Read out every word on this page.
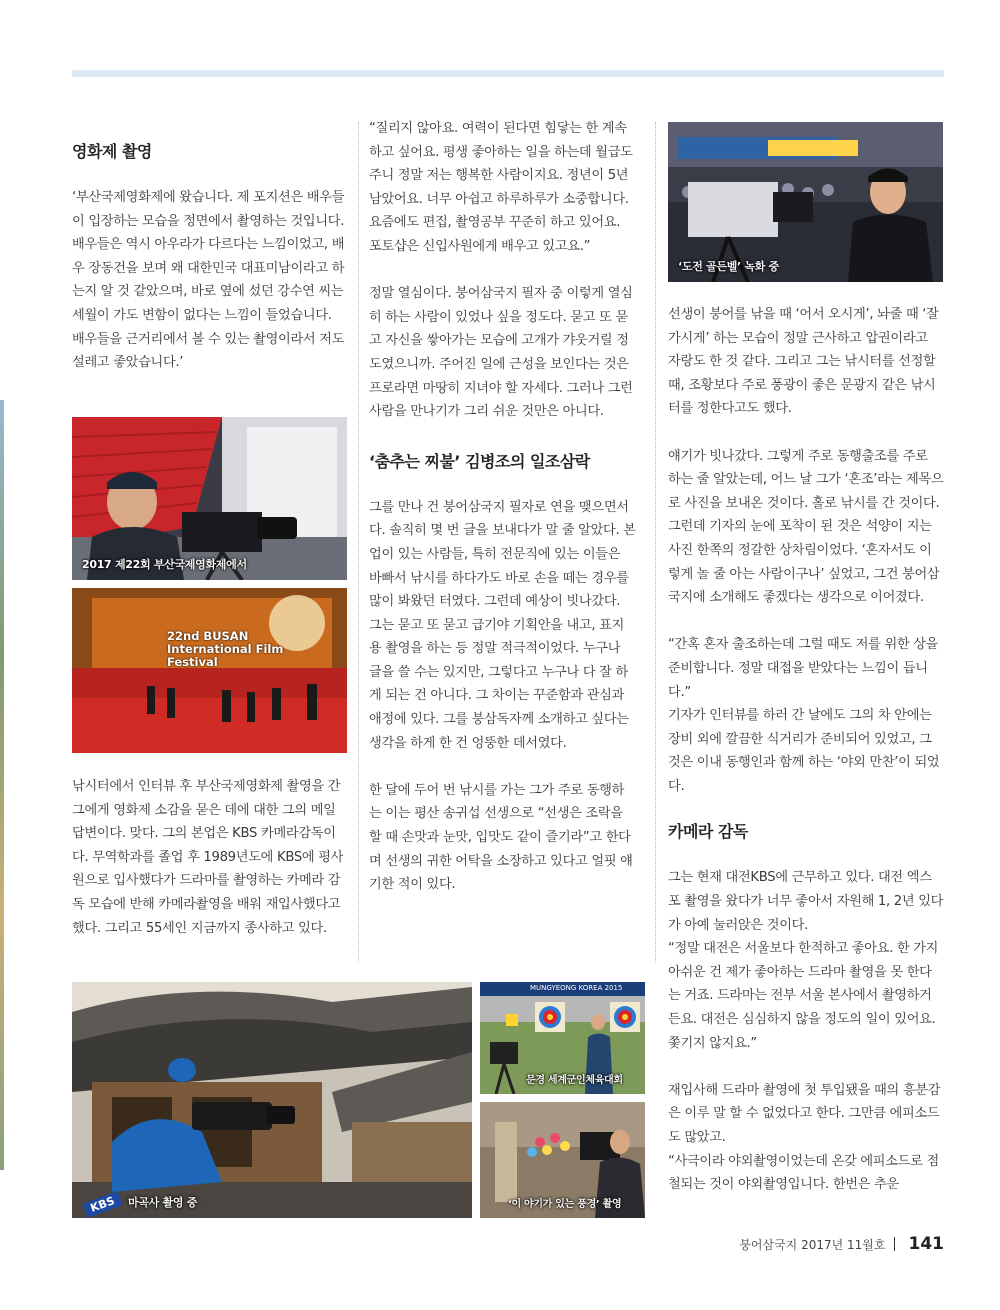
영화제 촬영

‘부산국제영화제에 왔습니다. 제 포지션은 배우들이 입장하는 모습을 정면에서 촬영하는 것입니다. 배우들은 역시 아우라가 다르다는 느낌이었고, 배우 장동건을 보며 왜 대한민국 대표미남이라고 하는지 알 것 같았으며, 바로 옆에 섰던 강수연 씨는 세월이 가도 변함이 없다는 느낌이 들었습니다. 배우들을 근거리에서 볼 수 있는 촬영이라서 저도 설레고 좋았습니다.’

2017 제22회 부산국제영화제에서
22nd BUSAN International Film Festival

낚시터에서 인터뷰 후 부산국제영화제 촬영을 간 그에게 영화제 소감을 묻은 데에 대한 그의 메일답변이다. 맞다. 그의 본업은 KBS 카메라감독이다. 무역학과를 졸업 후 1989년도에 KBS에 평사원으로 입사했다가 드라마를 촬영하는 카메라 감독 모습에 반해 카메라촬영을 배워 재입사했다고 했다. 그리고 55세인 지금까지 종사하고 있다.

“질리지 않아요. 여력이 된다면 힘닿는 한 계속하고 싶어요. 평생 좋아하는 일을 하는데 월급도 주니 정말 저는 행복한 사람이지요. 정년이 5년 남았어요. 너무 아쉽고 하루하루가 소중합니다. 요즘에도 편집, 촬영공부 꾸준히 하고 있어요. 포토샵은 신입사원에게 배우고 있고요.”

정말 열심이다. 붕어삼국지 필자 중 이렇게 열심히 하는 사람이 있었나 싶을 정도다. 묻고 또 묻고 자신을 쌓아가는 모습에 고개가 갸웃거릴 정도였으니까. 주어진 일에 근성을 보인다는 것은 프로라면 마땅히 지녀야 할 자세다. 그러나 그런 사람을 만나기가 그리 쉬운 것만은 아니다.

‘춤추는 찌불’ 김병조의 일조삼락

그를 만나 건 붕어삼국지 필자로 연을 맺으면서다. 솔직히 몇 번 글을 보내다가 말 줄 알았다. 본업이 있는 사람들, 특히 전문직에 있는 이들은 바빠서 낚시를 하다가도 바로 손을 떼는 경우를 많이 봐왔던 터였다. 그런데 예상이 빗나갔다. 그는 묻고 또 묻고 급기야 기획안을 내고, 표지용 촬영을 하는 등 정말 적극적이었다. 누구나 글을 쓸 수는 있지만, 그렇다고 누구나 다 잘 하게 되는 건 아니다. 그 차이는 꾸준함과 관심과 애정에 있다. 그를 붕삼독자께 소개하고 싶다는 생각을 하게 한 건 엉뚱한 데서였다.

한 달에 두어 번 낚시를 가는 그가 주로 동행하는 이는 평산 송귀섭 선생으로 “선생은 조락을 할 때 손맛과 눈맛, 입맛도 같이 즐기라”고 한다며 선생의 귀한 어탁을 소장하고 있다고 얼핏 얘기한 적이 있다.

‘도전 골든벨’ 녹화 중

선생이 붕어를 낚을 때 ‘어서 오시게’, 놔줄 때 ‘잘 가시게’ 하는 모습이 정말 근사하고 압권이라고 자랑도 한 것 같다. 그리고 그는 낚시터를 선정할 때, 조황보다 주로 풍광이 좋은 문광지 같은 낚시터를 정한다고도 했다.

얘기가 빗나갔다. 그렇게 주로 동행출조를 주로 하는 줄 알았는데, 어느 날 그가 ‘혼조’라는 제목으로 사진을 보내온 것이다. 홀로 낚시를 간 것이다. 그런데 기자의 눈에 포착이 된 것은 석양이 지는 사진 한쪽의 정갈한 상차림이었다. ‘혼자서도 이렇게 놀 줄 아는 사람이구나’ 싶었고, 그건 붕어삼국지에 소개해도 좋겠다는 생각으로 이어졌다.

“간혹 혼자 출조하는데 그럴 때도 저를 위한 상을 준비합니다. 정말 대접을 받았다는 느낌이 듭니다.”

기자가 인터뷰를 하러 간 날에도 그의 차 안에는 장비 외에 깔끔한 식거리가 준비되어 있었고, 그것은 이내 동행인과 함께 하는 ‘야외 만찬’이 되었다.

카메라 감독

그는 현재 대전KBS에 근무하고 있다. 대전 엑스포 촬영을 왔다가 너무 좋아서 자원해 1, 2년 있다가 아예 눌러앉은 것이다.

“정말 대전은 서울보다 한적하고 좋아요. 한 가지 아쉬운 건 제가 좋아하는 드라마 촬영을 못 한다는 거죠. 드라마는 전부 서울 본사에서 촬영하거든요. 대전은 심심하지 않을 정도의 일이 있어요. 쫓기지 않지요.”

재입사해 드라마 촬영에 첫 투입됐을 때의 흥분감은 이루 말 할 수 없었다고 한다. 그만큼 에피소드도 많았고.

“사극이라 야외촬영이었는데 온갖 에피소드로 점철되는 것이 야외촬영입니다. 한번은 추운

KBS	마곡사 촬영 중
MUNGYEONG KOREA 2015
문경 세계군인체육대회
‘이 야기가 있는 풍경’ 촬영
붕어삼국지 2017년 11월호 141
